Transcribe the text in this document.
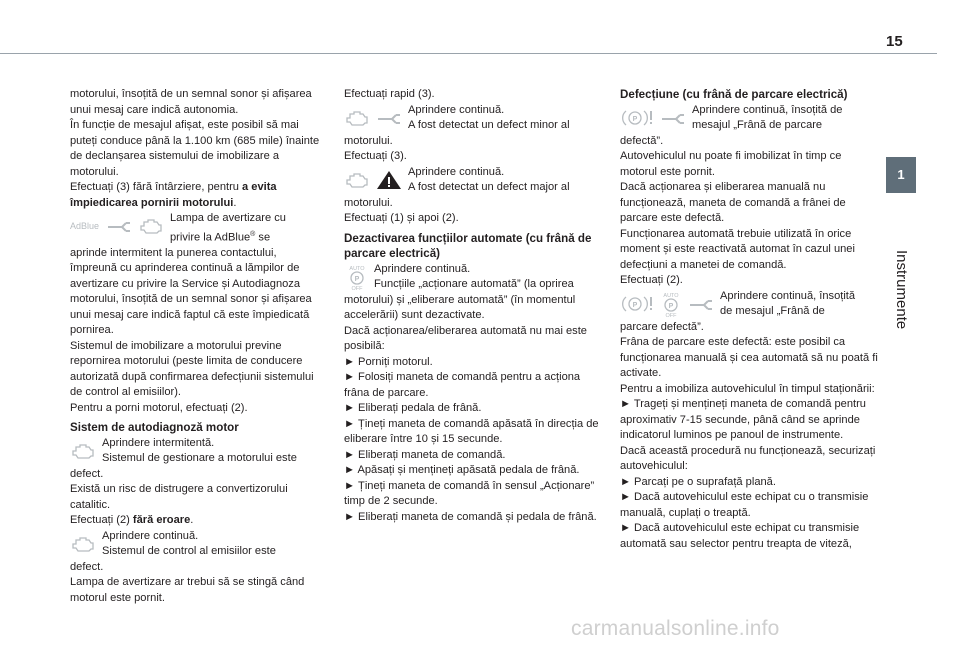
15
1
Instrumente

motorului, însoțită de un semnal sonor și afișarea unui mesaj care indică autonomia.

În funcție de mesajul afișat, este posibil să mai puteți conduce până la 1.100 km (685 mile) înainte de declanșarea sistemului de imobilizare a motorului.

Efectuați (3) fără întârziere, pentru a evita împiedicarea pornirii motorului.

AdBlue
Lampa de avertizare cu
privire la AdBlue® se

aprinde intermitent la punerea contactului, împreună cu aprinderea continuă a lămpilor de avertizare cu privire la Service și Autodiagnoza motorului, însoțită de un semnal sonor și afișarea unui mesaj care indică faptul că este împiedicată pornirea.

Sistemul de imobilizare a motorului previne repornirea motorului (peste limita de conducere autorizată după confirmarea defecțiunii sistemului de control al emisiilor).

Pentru a porni motorul, efectuați (2).

Sistem de autodiagnoză motor
Aprindere intermitentă.
Sistemul de gestionare a motorului este

defect.

Există un risc de distrugere a convertizorului catalitic.

Efectuați (2) fără eroare.

Aprindere continuă.
Sistemul de control al emisiilor este

defect.

Lampa de avertizare ar trebui să se stingă când motorul este pornit.

Efectuați rapid (3).

Aprindere continuă.
A fost detectat un defect minor al

motorului.

Efectuați (3).

Aprindere continuă.
A fost detectat un defect major al

motorului.

Efectuați (1) și apoi (2).

Dezactivarea funcțiilor automate (cu frână de parcare electrică)
AUTO
P
OFF
Aprindere continuă.
Funcțiile „acționare automată” (la oprirea

motorului) și „eliberare automată” (în momentul accelerării) sunt dezactivate.

Dacă acționarea/eliberarea automată nu mai este posibilă:

► Porniți motorul.

► Folosiți maneta de comandă pentru a acționa frâna de parcare.

► Eliberați pedala de frână.

► Țineți maneta de comandă apăsată în direcția de eliberare între 10 și 15 secunde.

► Eliberați maneta de comandă.

► Apăsați și mențineți apăsată pedala de frână.

► Țineți maneta de comandă în sensul „Acționare” timp de 2 secunde.

► Eliberați maneta de comandă și pedala de frână.

Defecțiune (cu frână de parcare electrică)
P
Aprindere continuă, însoțită de
mesajul „Frână de parcare

defectă”.

Autovehiculul nu poate fi imobilizat în timp ce motorul este pornit.

Dacă acționarea și eliberarea manuală nu funcționează, maneta de comandă a frânei de parcare este defectă.

Funcționarea automată trebuie utilizată în orice moment și este reactivată automat în cazul unei defecțiuni a manetei de comandă.

Efectuați (2).

P
AUTO
P
OFF
Aprindere continuă, însoțită
de mesajul „Frână de

parcare defectă”.

Frâna de parcare este defectă: este posibil ca funcționarea manuală și cea automată să nu poată fi activate.

Pentru a imobiliza autovehiculul în timpul staționării:

► Trageți și mențineți maneta de comandă pentru aproximativ 7-15 secunde, până când se aprinde indicatorul luminos pe panoul de instrumente.

Dacă această procedură nu funcționează, securizați autovehiculul:

► Parcați pe o suprafață plană.

► Dacă autovehiculul este echipat cu o transmisie manuală, cuplați o treaptă.

► Dacă autovehiculul este echipat cu transmisie automată sau selector pentru treapta de viteză,

carmanualsonline.info
